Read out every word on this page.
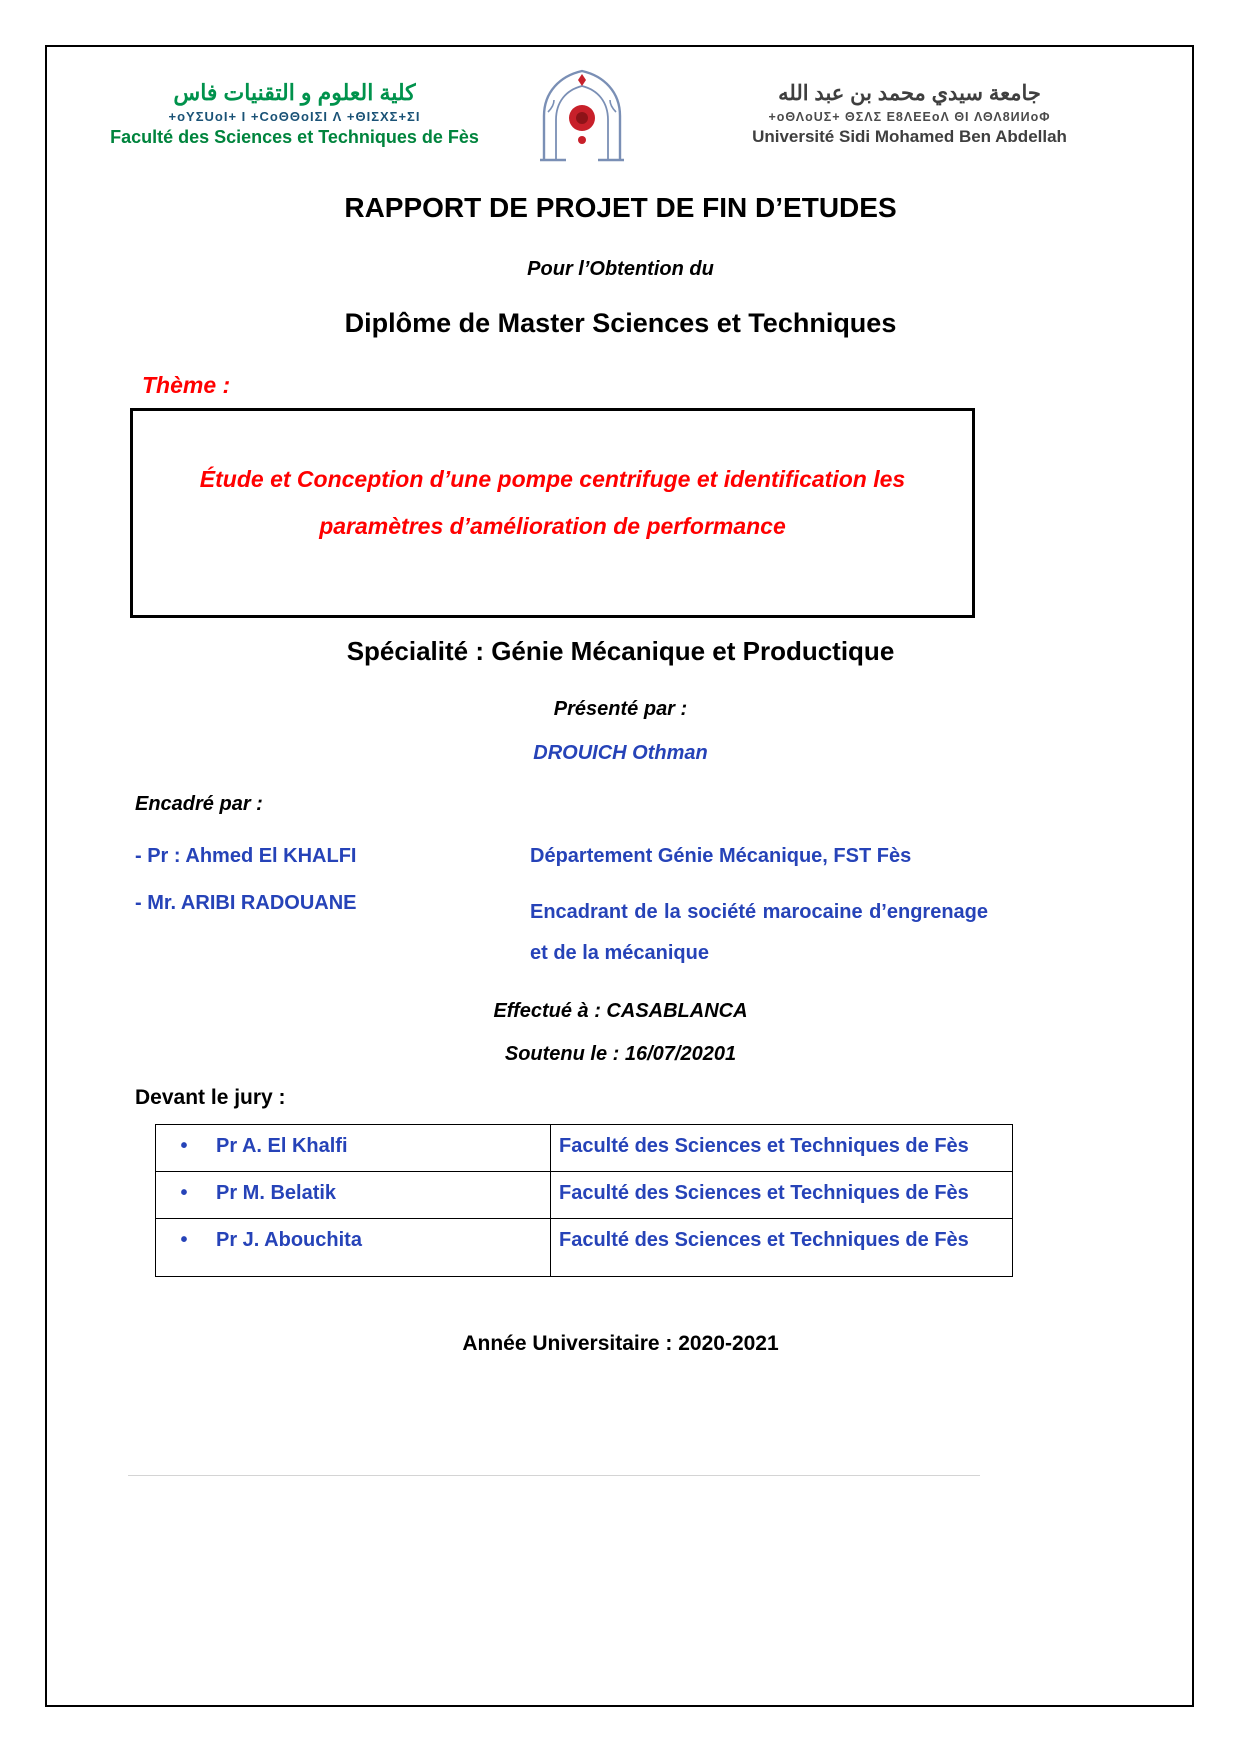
كلية العلوم و التقنيات فاس
+oYΣUoI+ I +CoΘΘoIΣI Λ +ΘIΣXΣ+ΣI
Faculté des Sciences et Techniques de Fès
جامعة سيدي محمد بن عبد الله
+oΘΛoUΣ+ ΘΣΛΣ Ε8ΛΕΕoΛ ΘI ΛΘΛ8ИИoΦ
Université Sidi Mohamed Ben Abdellah
RAPPORT DE PROJET DE FIN D’ETUDES
Pour l’Obtention du
Diplôme de Master Sciences et Techniques
Thème :
Étude et Conception d’une pompe centrifuge et identification les
paramètres d’amélioration de performance
Spécialité : Génie Mécanique et Productique
Présenté par :
DROUICH Othman
Encadré par :
- Pr : Ahmed El KHALFI	Département Génie Mécanique, FST Fès
- Mr. ARIBI RADOUANE	Encadrant de la société marocaine d’engrenage et de la mécanique
Effectué à : CASABLANCA
Soutenu le : 16/07/20201
Devant le jury :
• Pr A. El Khalfi	Faculté des Sciences et Techniques de Fès
• Pr M. Belatik	Faculté des Sciences et Techniques de Fès
• Pr J. Abouchita	Faculté des Sciences et Techniques de Fès
Année Universitaire : 2020-2021
